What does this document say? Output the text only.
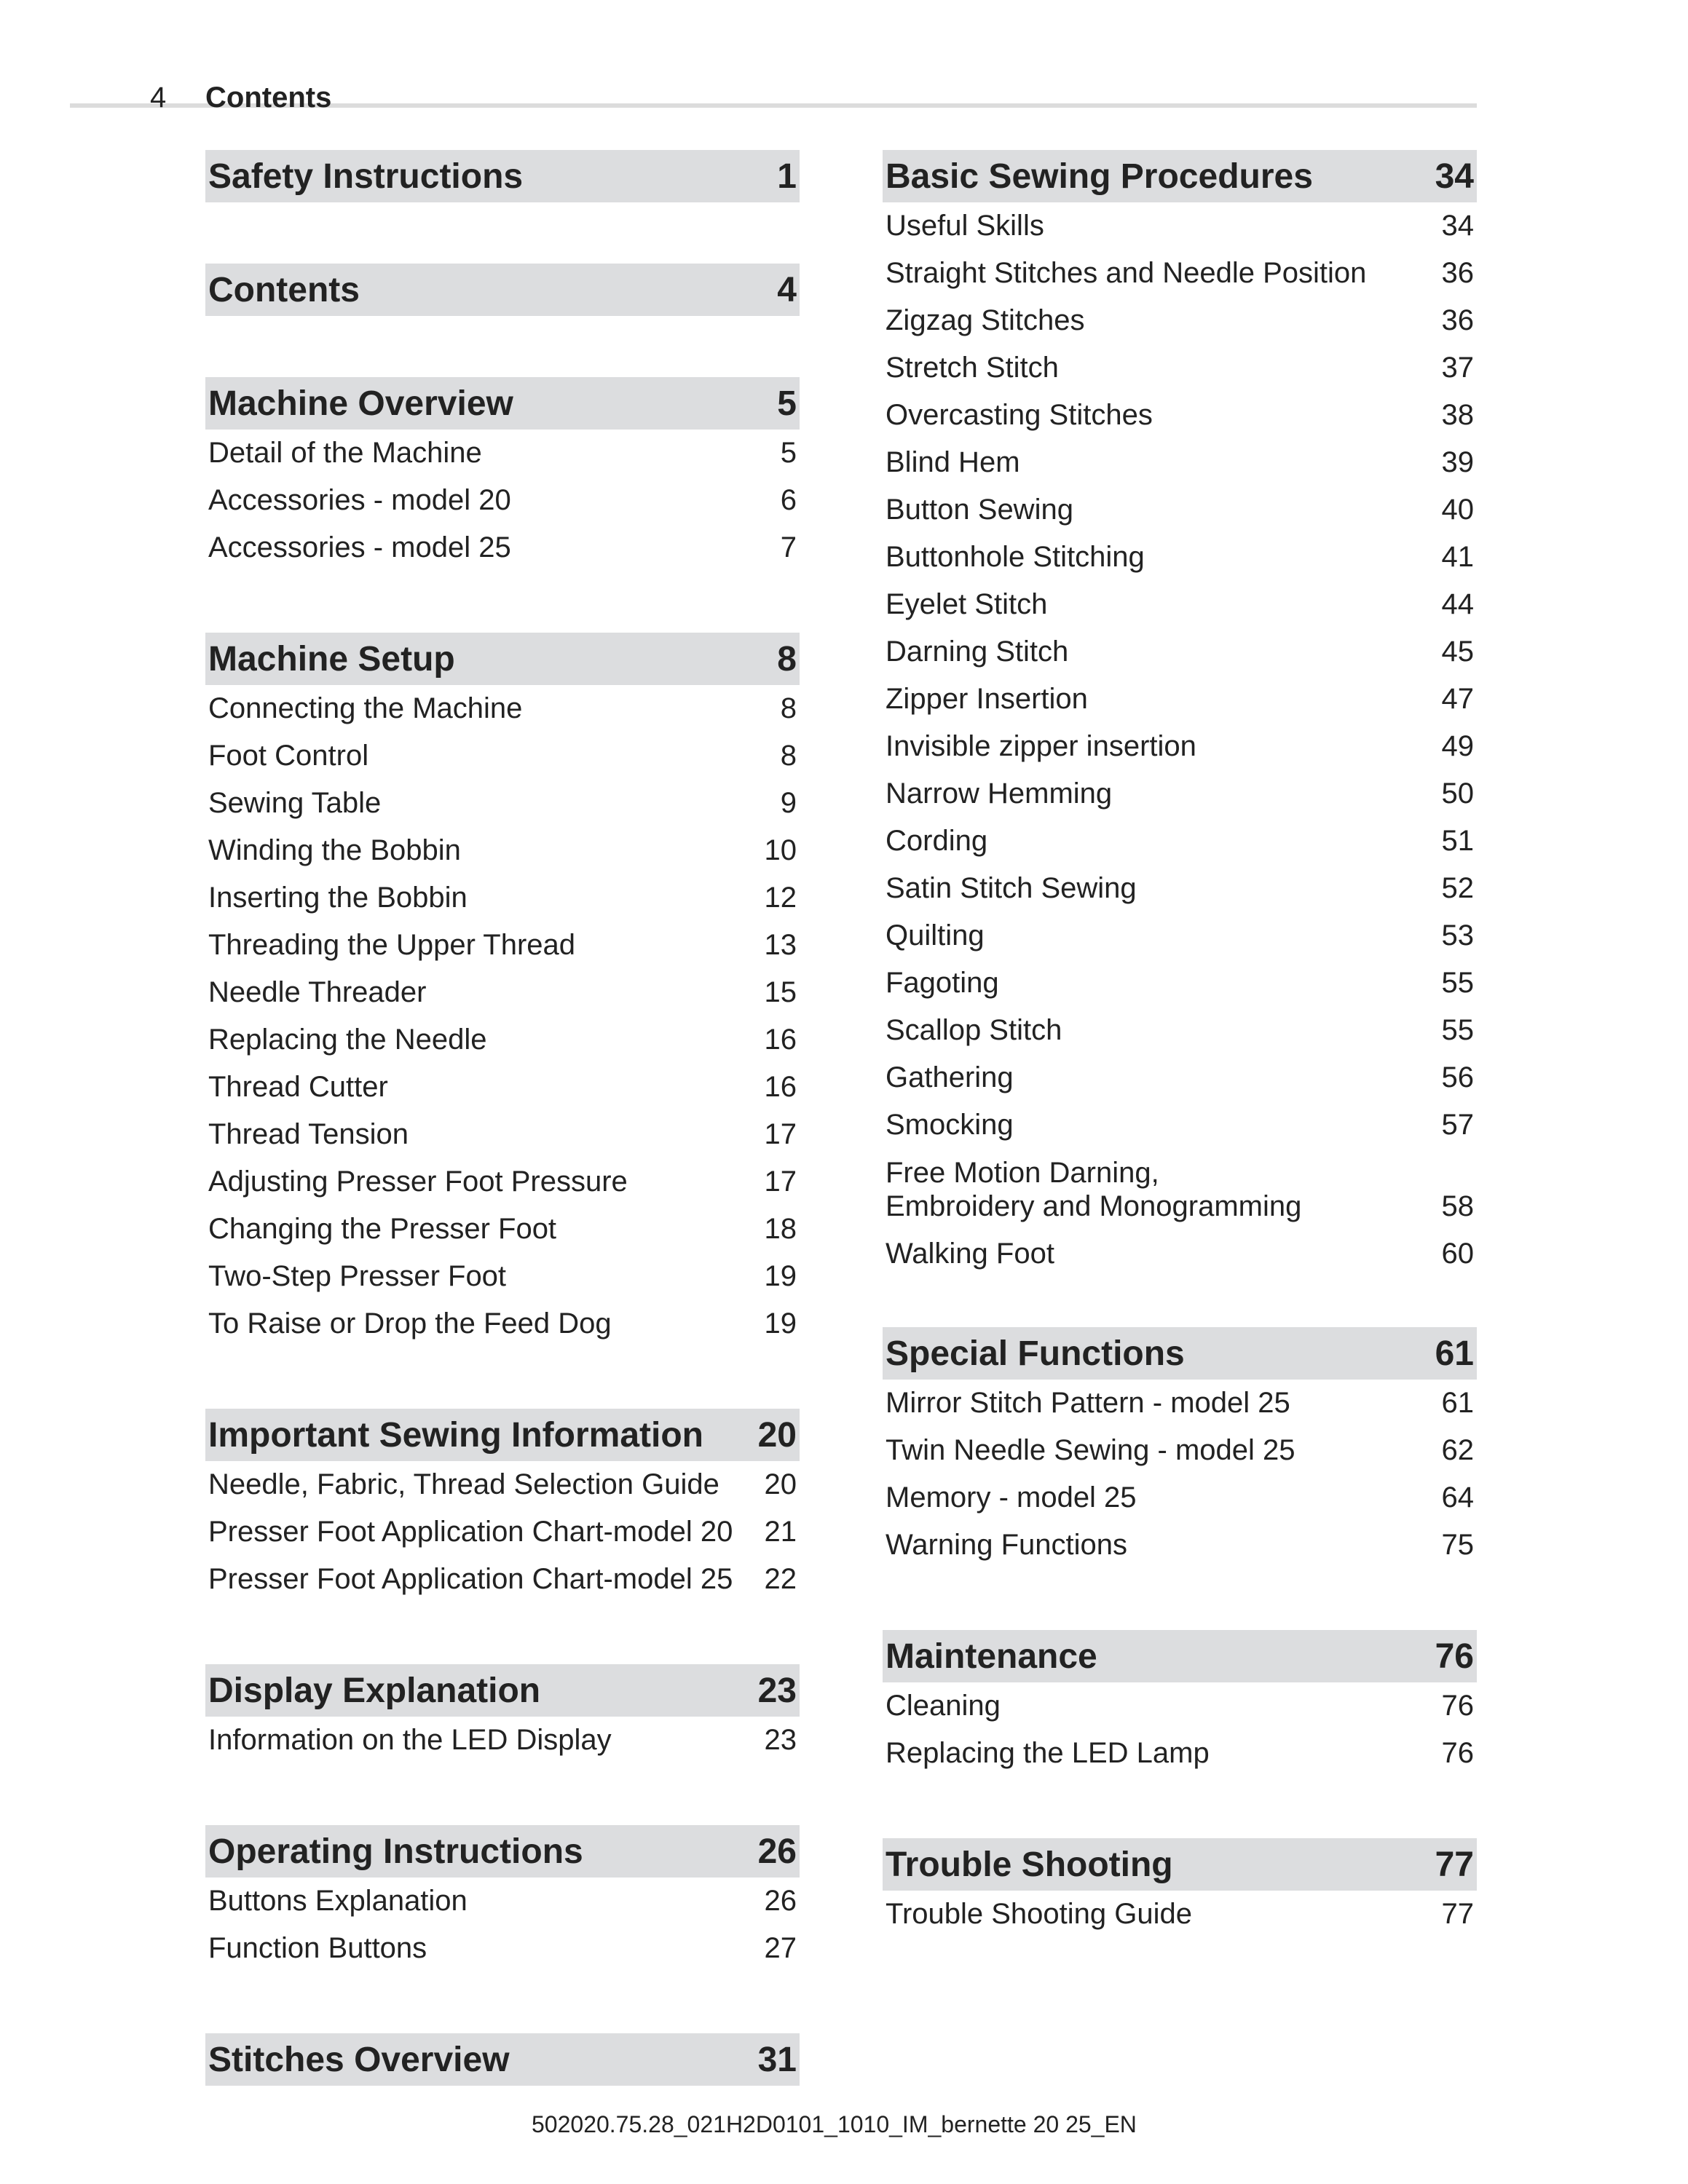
4 Contents
Safety Instructions	1
Contents	4
Machine Overview	5
Detail of the Machine	5
Accessories - model 20	6
Accessories - model 25	7
Machine Setup	8
Connecting the Machine	8
Foot Control	8
Sewing Table	9
Winding the Bobbin	10
Inserting the Bobbin	12
Threading the Upper Thread	13
Needle Threader	15
Replacing the Needle	16
Thread Cutter	16
Thread Tension	17
Adjusting Presser Foot Pressure	17
Changing the Presser Foot	18
Two-Step Presser Foot	19
To Raise or Drop the Feed Dog	19
Important Sewing Information 20
Needle, Fabric, Thread Selection Guide 20
Presser Foot Application Chart-model 20 21
Presser Foot Application Chart-model 25 22
Display Explanation	23
Information on the LED Display	23
Operating Instructions	26
Buttons Explanation	26
Function Buttons	27
Stitches Overview	31
Basic Sewing Procedures	34
Useful Skills	34
Straight Stitches and Needle Position	36
Zigzag Stitches	36
Stretch Stitch	37
Overcasting Stitches	38
Blind Hem	39
Button Sewing	40
Buttonhole Stitching	41
Eyelet Stitch	44
Darning Stitch	45
Zipper Insertion	47
Invisible zipper insertion	49
Narrow Hemming	50
Cording	51
Satin Stitch Sewing	52
Quilting	53
Fagoting	55
Scallop Stitch	55
Gathering	56
Smocking	57
Free Motion Darning,
Embroidery and Monogramming	58
Walking Foot	60
Special Functions	61
Mirror Stitch Pattern - model 25	61
Twin Needle Sewing - model 25	62
Memory - model 25	64
Warning Functions	75
Maintenance	76
Cleaning	76
Replacing the LED Lamp	76
Trouble Shooting	77
Trouble Shooting Guide	77
502020.75.28_021H2D0101_1010_IM_bernette 20 25_EN
